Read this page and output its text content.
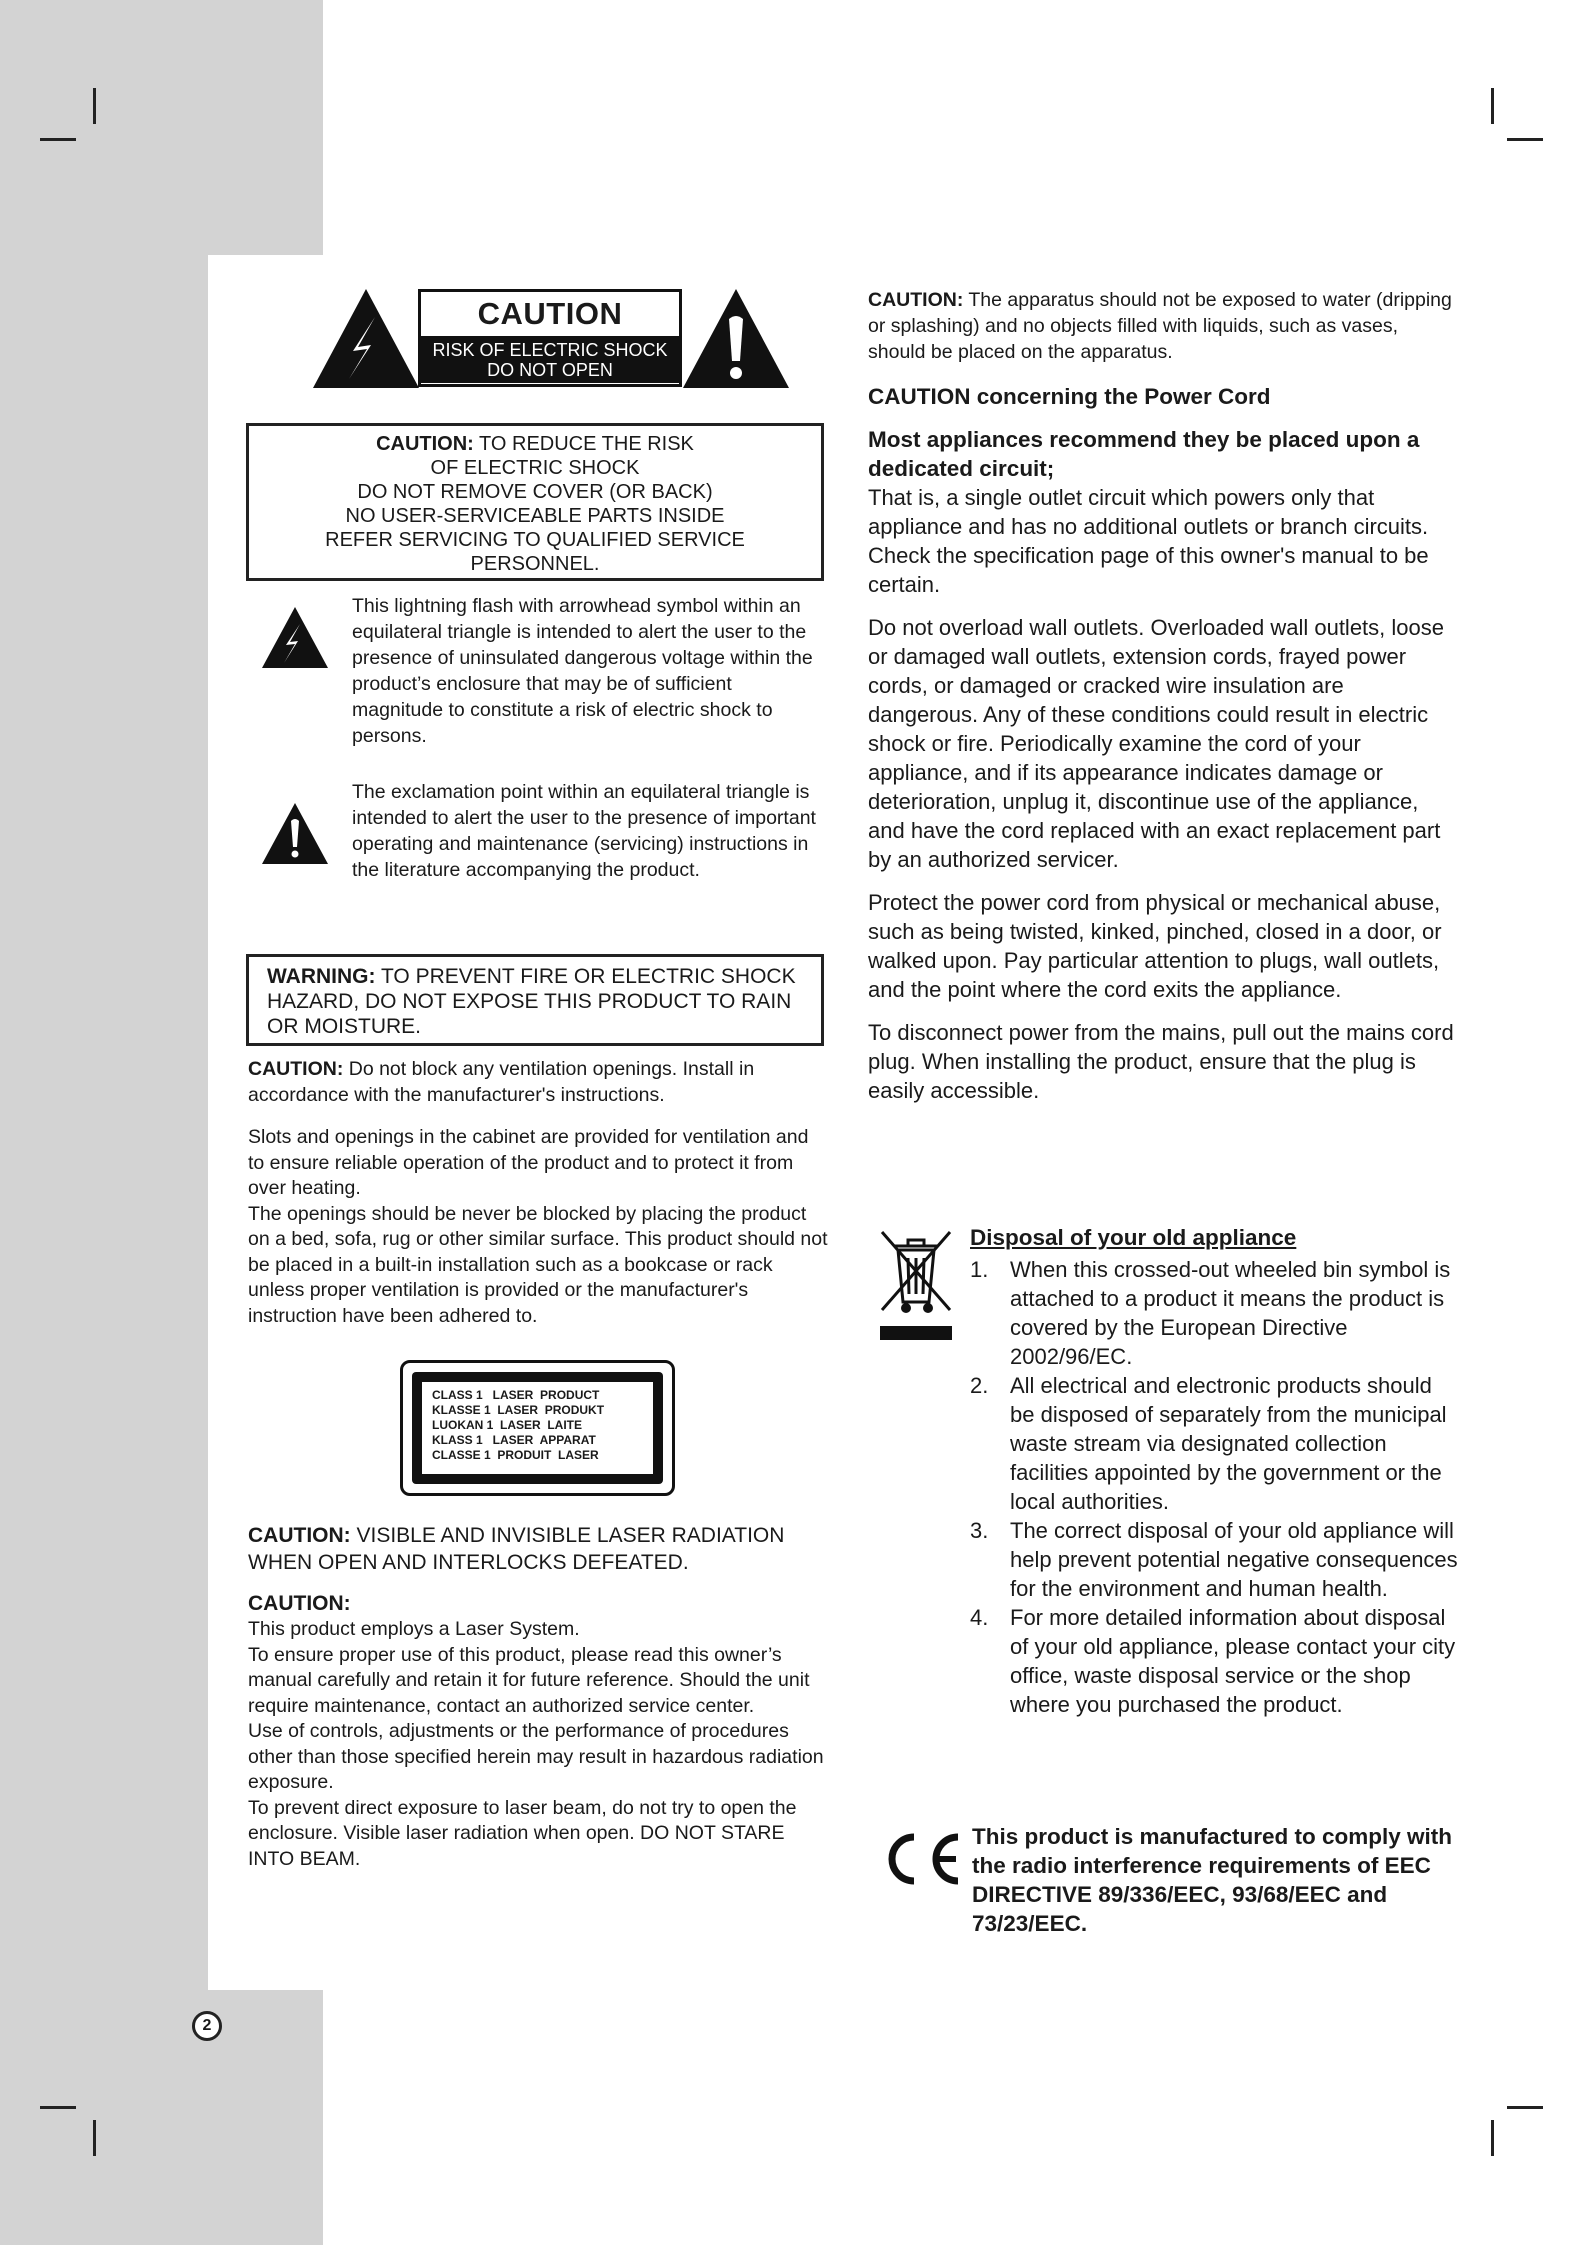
CAUTION
RISK OF ELECTRIC SHOCK
DO NOT OPEN
CAUTION: TO REDUCE THE RISK
OF ELECTRIC SHOCK
DO NOT REMOVE COVER (OR BACK)
NO USER-SERVICEABLE PARTS INSIDE
REFER SERVICING TO QUALIFIED SERVICE
PERSONNEL.
This lightning flash with arrowhead symbol within an equilateral triangle is intended to alert the user to the presence of uninsulated dangerous voltage within the product’s enclosure that may be of sufficient magnitude to constitute a risk of electric shock to persons.
The exclamation point within an equilateral triangle is intended to alert the user to the presence of important operating and maintenance (servicing) instructions in the literature accompanying the product.

WARNING: TO PREVENT FIRE OR ELECTRIC SHOCK HAZARD, DO NOT EXPOSE THIS PRODUCT TO RAIN OR MOISTURE.

CAUTION: Do not block any ventilation openings. Install in accordance with the manufacturer's instructions.

Slots and openings in the cabinet are provided for ventilation and to ensure reliable operation of the product and to protect it from over heating.

The openings should be never be blocked by placing the product on a bed, sofa, rug or other similar surface. This product should not be placed in a built-in installation such as a bookcase or rack unless proper ventilation is provided or the manufacturer's instruction have been adhered to.

CLASS 1   LASER  PRODUCT
KLASSE 1  LASER  PRODUKT
LUOKAN 1  LASER  LAITE
KLASS 1   LASER  APPARAT
CLASSE 1  PRODUIT  LASER

CAUTION: VISIBLE AND INVISIBLE LASER RADIATION WHEN OPEN AND INTERLOCKS DEFEATED.

CAUTION:

This product employs a Laser System.

To ensure proper use of this product, please read this owner’s manual carefully and retain it for future reference. Should the unit require maintenance, contact an authorized service center.

Use of controls, adjustments or the performance of procedures other than those specified herein may result in hazardous radiation exposure.

To prevent direct exposure to laser beam, do not try to open the enclosure. Visible laser radiation when open. DO NOT STARE INTO BEAM.

2

CAUTION: The apparatus should not be exposed to water (dripping or splashing) and no objects filled with liquids, such as vases, should be placed on the apparatus.

CAUTION concerning the Power Cord

Most appliances recommend they be placed upon a dedicated circuit;

That is, a single outlet circuit which powers only that appliance and has no additional outlets or branch circuits. Check the specification page of this owner's manual to be certain.

Do not overload wall outlets. Overloaded wall outlets, loose or damaged wall outlets, extension cords, frayed power cords, or damaged or cracked wire insulation are dangerous. Any of these conditions could result in electric shock or fire. Periodically examine the cord of your appliance, and if its appearance indicates damage or deterioration, unplug it, discontinue use of the appliance, and have the cord replaced with an exact replacement part by an authorized servicer.

Protect the power cord from physical or mechanical abuse, such as being twisted, kinked, pinched, closed in a door, or walked upon. Pay particular attention to plugs, wall outlets, and the point where the cord exits the appliance.

To disconnect power from the mains, pull out the mains cord plug. When installing the product, ensure that the plug is easily accessible.

Disposal of your old appliance

1. When this crossed-out wheeled bin symbol is attached to a product it means the product is covered by the European Directive 2002/96/EC.
2. All electrical and electronic products should be disposed of separately from the municipal waste stream via designated collection facilities appointed by the government or the local authorities.
3. The correct disposal of your old appliance will help prevent potential negative consequences for the environment and human health.
4. For more detailed information about disposal of your old appliance, please contact your city office, waste disposal service or the shop where you purchased the product.

This product is manufactured to comply with the radio interference requirements of EEC DIRECTIVE 89/336/EEC, 93/68/EEC and 73/23/EEC.
